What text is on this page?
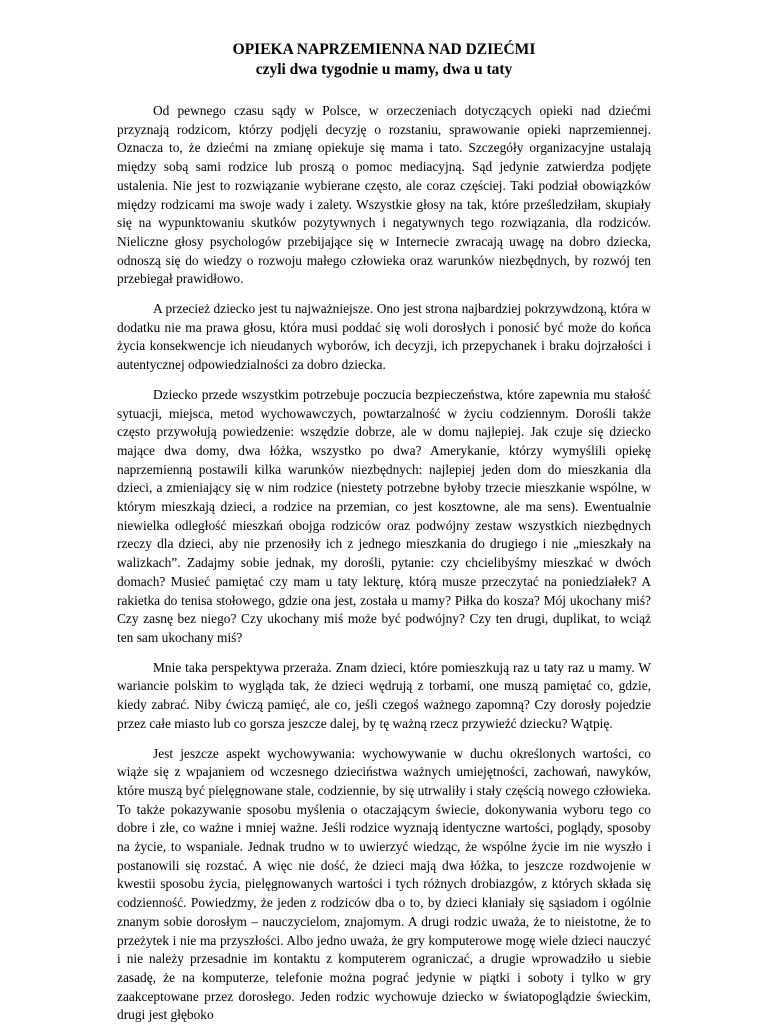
OPIEKA NAPRZEMIENNA NAD DZIEĆMI
czyli dwa tygodnie u mamy, dwa u taty

Od pewnego czasu sądy w Polsce, w orzeczeniach dotyczących opieki nad dziećmi przyznają rodzicom, którzy podjęli decyzję o rozstaniu, sprawowanie opieki naprzemiennej. Oznacza to, że dziećmi na zmianę opiekuje się mama i tato. Szczegóły organizacyjne ustalają między sobą sami rodzice lub proszą o pomoc mediacyjną. Sąd jedynie zatwierdza podjęte ustalenia. Nie jest to rozwiązanie wybierane często, ale coraz częściej. Taki podział obowiązków między rodzicami ma swoje wady i zalety. Wszystkie głosy na tak, które prześledziłam, skupiały się na wypunktowaniu skutków pozytywnych i negatywnych tego rozwiązania, dla rodziców. Nieliczne głosy psychologów przebijające się w Internecie zwracają uwagę na dobro dziecka, odnoszą się do wiedzy o rozwoju małego człowieka oraz warunków niezbędnych, by rozwój ten przebiegał prawidłowo.

A przecież dziecko jest tu najważniejsze. Ono jest strona najbardziej pokrzywdzoną, która w dodatku nie ma prawa głosu, która musi poddać się woli dorosłych i ponosić być może do końca życia konsekwencje ich nieudanych wyborów, ich decyzji, ich przepychanek i braku dojrzałości i autentycznej odpowiedzialności za dobro dziecka.

Dziecko przede wszystkim potrzebuje poczucia bezpieczeństwa, które zapewnia mu stałość sytuacji, miejsca, metod wychowawczych, powtarzalność w życiu codziennym. Dorośli także często przywołują powiedzenie: wszędzie dobrze, ale w domu najlepiej. Jak czuje się dziecko mające dwa domy, dwa łóżka, wszystko po dwa? Amerykanie, którzy wymyślili opiekę naprzemienną postawili kilka warunków niezbędnych: najlepiej jeden dom do mieszkania dla dzieci, a zmieniający się w nim rodzice (niestety potrzebne byłoby trzecie mieszkanie wspólne, w którym mieszkają dzieci, a rodzice na przemian, co jest kosztowne, ale ma sens). Ewentualnie niewielka odległość mieszkań obojga rodziców oraz podwójny zestaw wszystkich niezbędnych rzeczy dla dzieci, aby nie przenosiły ich z jednego mieszkania do drugiego i nie „mieszkały na walizkach”. Zadajmy sobie jednak, my dorośli, pytanie: czy chcielibyśmy mieszkać w dwóch domach? Musieć pamiętać czy mam u taty lekturę, którą musze przeczytać na poniedziałek? A rakietka do tenisa stołowego, gdzie ona jest, została u mamy? Piłka do kosza? Mój ukochany miś? Czy zasnę bez niego? Czy ukochany miś może być podwójny? Czy ten drugi, duplikat, to wciąż ten sam ukochany miś?

Mnie taka perspektywa przeraża. Znam dzieci, które pomieszkują raz u taty raz u mamy. W wariancie polskim to wygląda tak, że dzieci wędrują z torbami, one muszą pamiętać co, gdzie, kiedy zabrać. Niby ćwiczą pamięć, ale co, jeśli czegoś ważnego zapomną? Czy dorosły pojedzie przez całe miasto lub co gorsza jeszcze dalej, by tę ważną rzecz przywieźć dziecku? Wątpię.

Jest jeszcze aspekt wychowywania: wychowywanie w duchu określonych wartości, co wiąże się z wpajaniem od wczesnego dzieciństwa ważnych umiejętności, zachowań, nawyków, które muszą być pielęgnowane stale, codziennie, by się utrwaliły i stały częścią nowego człowieka. To także pokazywanie sposobu myślenia o otaczającym świecie, dokonywania wyboru tego co dobre i złe, co ważne i mniej ważne. Jeśli rodzice wyznają identyczne wartości, poglądy, sposoby na życie, to wspaniale. Jednak trudno w to uwierzyć wiedząc, że wspólne życie im nie wyszło i postanowili się rozstać. A więc nie dość, że dzieci mają dwa łóżka, to jeszcze rozdwojenie w kwestii sposobu życia, pielęgnowanych wartości i tych różnych drobiazgów, z których składa się codzienność. Powiedzmy, że jeden z rodziców dba o to, by dzieci kłaniały się sąsiadom i ogólnie znanym sobie dorosłym – nauczycielom, znajomym. A drugi rodzic uważa, że to nieistotne, że to przeżytek i nie ma przyszłości. Albo jedno uważa, że gry komputerowe mogę wiele dzieci nauczyć i nie należy przesadnie im kontaktu z komputerem ograniczać, a drugie wprowadziło u siebie zasadę, że na komputerze, telefonie można pograć jedynie w piątki i soboty i tylko w gry zaakceptowane przez dorosłego. Jeden rodzic wychowuje dziecko w światopoglądzie świeckim, drugi jest głęboko
